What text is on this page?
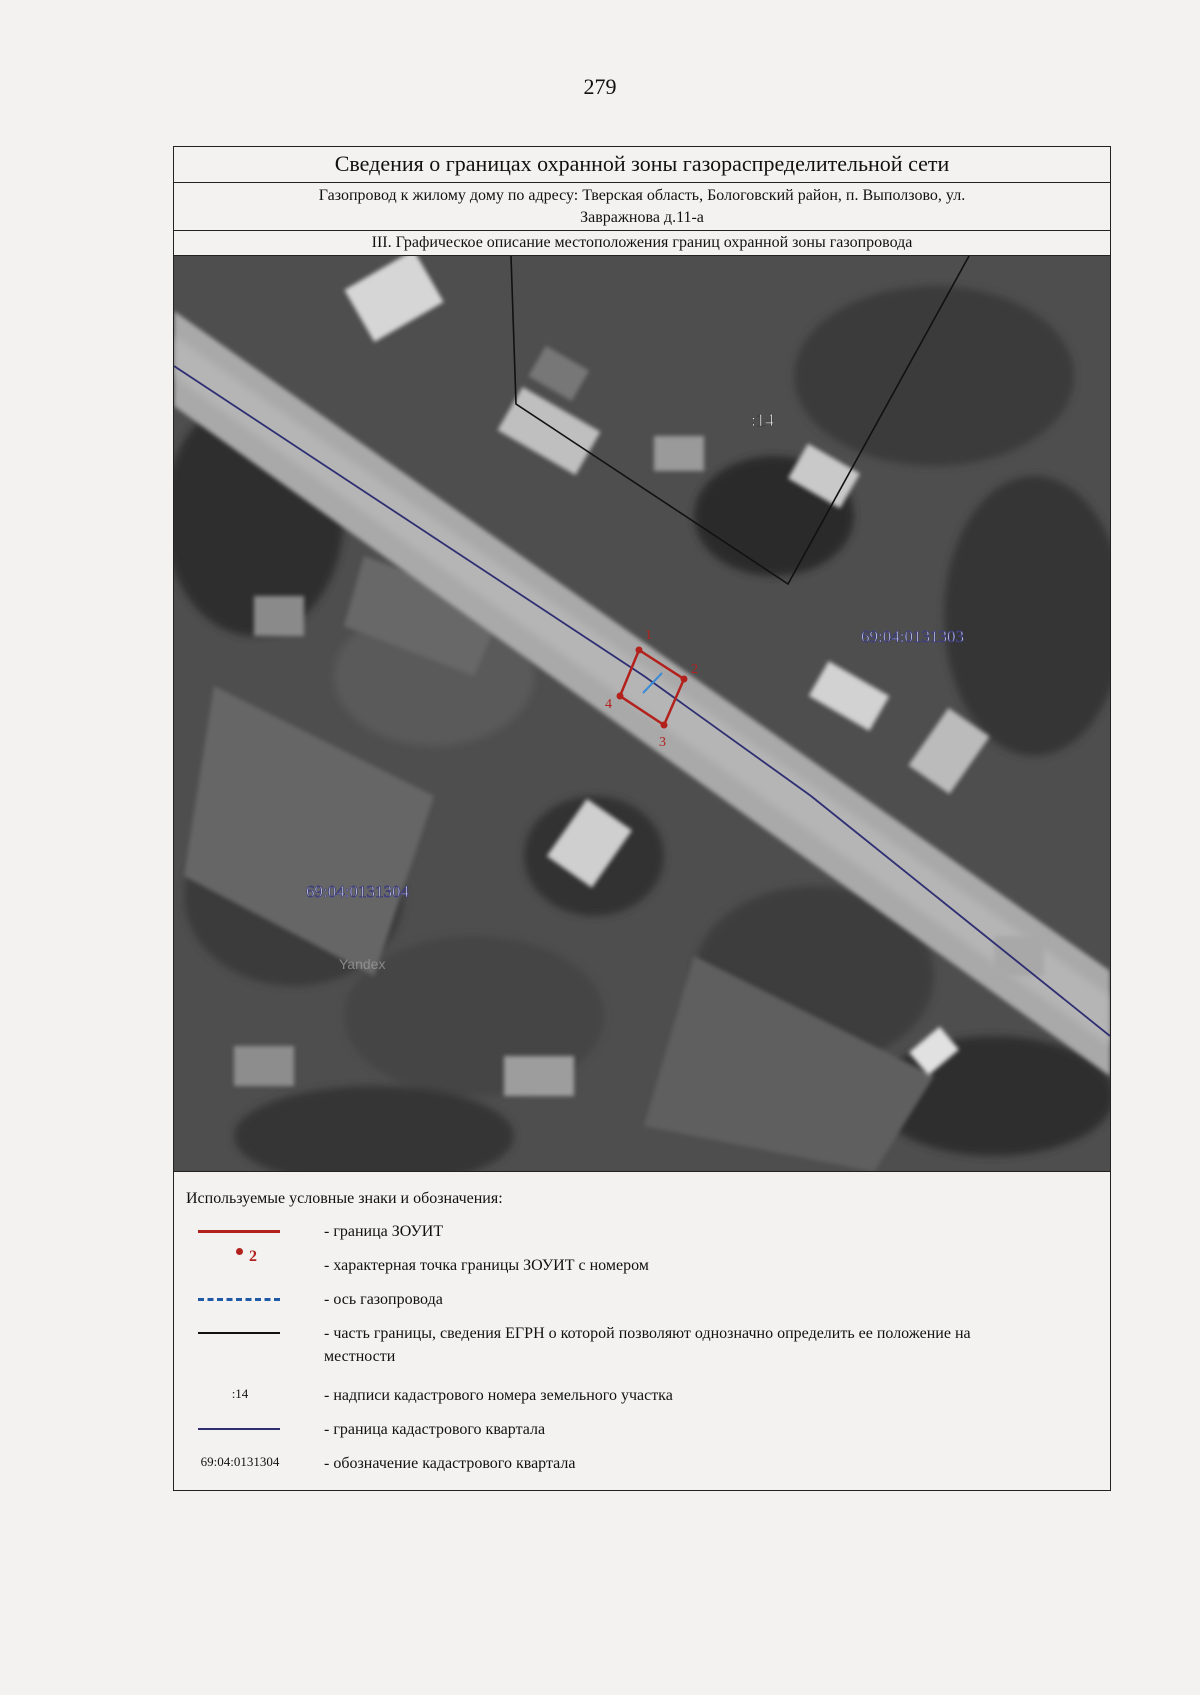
279
Сведения о границах охранной зоны газораспределительной сети
Газопровод к жилому дому по адресу: Тверская область, Бологовский район, п. Выползово, ул.
Завражнова д.11-а
III. Графическое описание местоположения границ охранной зоны газопровода
1
2
3
4
:14
69:04:0131303
69:04:0131304
Yandex
Используемые условные знаки и обозначения:
- граница ЗОУИТ
2
- характерная точка границы ЗОУИТ с номером
- ось газопровода
- часть границы, сведения ЕГРН о которой позволяют однозначно определить ее положение на местности
:14	- надписи кадастрового номера земельного участка
- граница кадастрового квартала
69:04:0131304	- обозначение кадастрового квартала
